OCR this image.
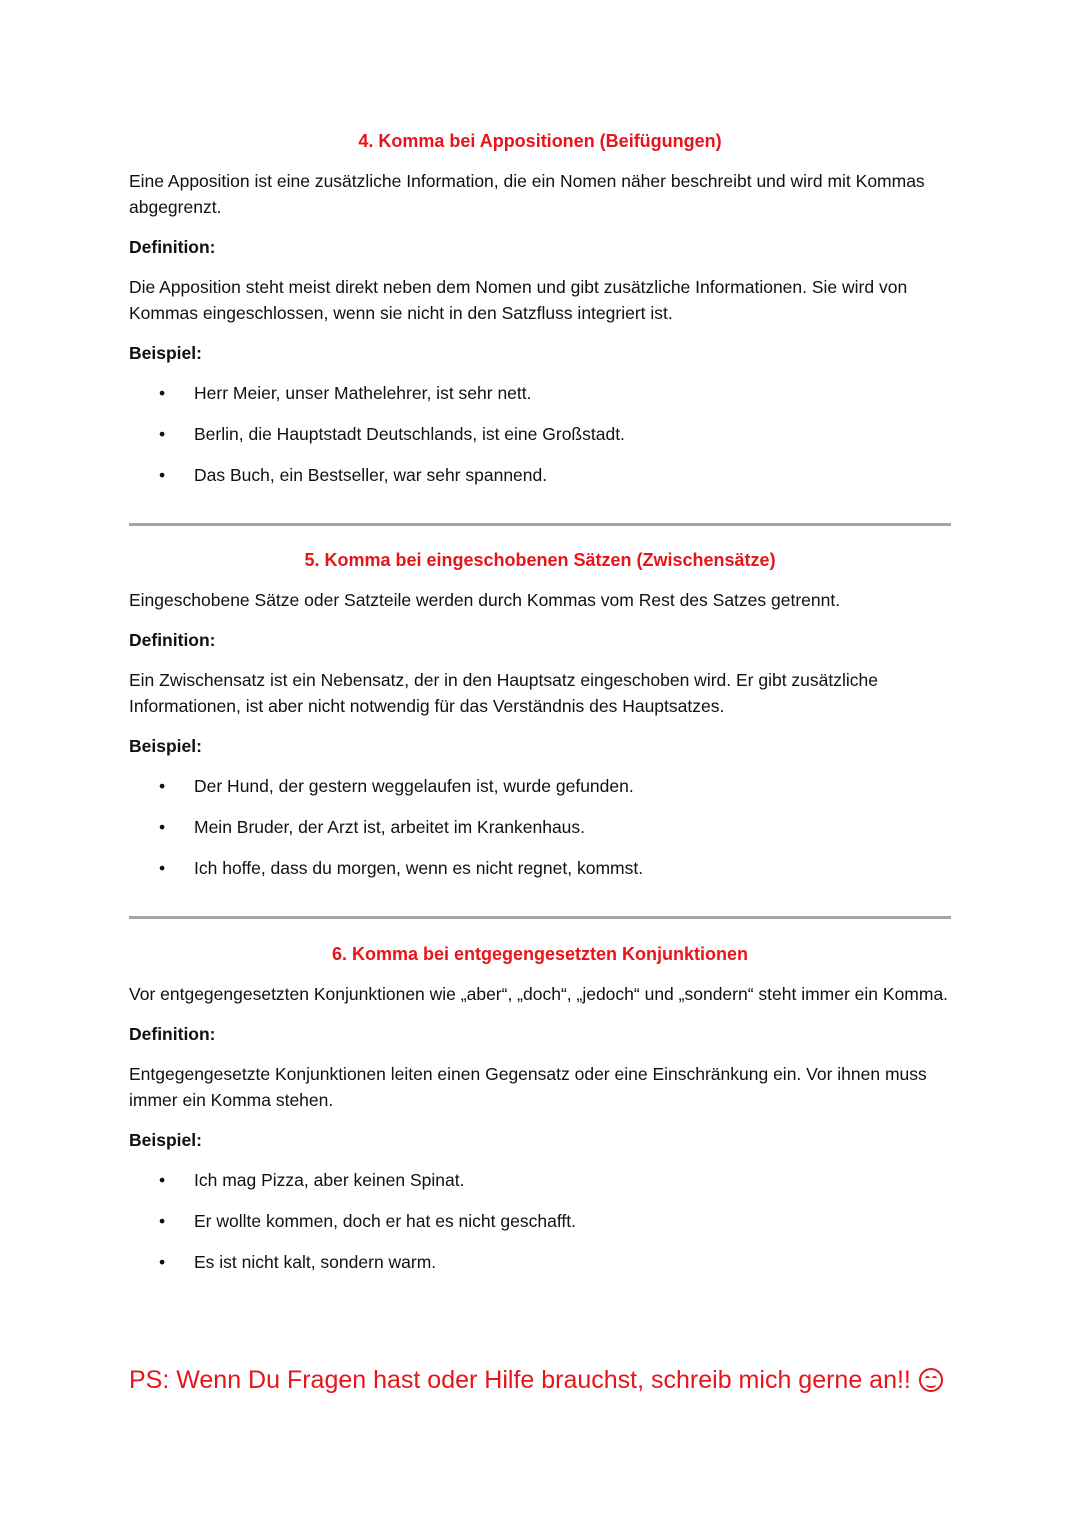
4. Komma bei Appositionen (Beifügungen)

Eine Apposition ist eine zusätzliche Information, die ein Nomen näher beschreibt und wird mit Kommas abgegrenzt.

Definition:

Die Apposition steht meist direkt neben dem Nomen und gibt zusätzliche Informationen. Sie wird von Kommas eingeschlossen, wenn sie nicht in den Satzfluss integriert ist.

Beispiel:

• Herr Meier, unser Mathelehrer, ist sehr nett.
• Berlin, die Hauptstadt Deutschlands, ist eine Großstadt.
• Das Buch, ein Bestseller, war sehr spannend.
5. Komma bei eingeschobenen Sätzen (Zwischensätze)

Eingeschobene Sätze oder Satzteile werden durch Kommas vom Rest des Satzes getrennt.

Definition:

Ein Zwischensatz ist ein Nebensatz, der in den Hauptsatz eingeschoben wird. Er gibt zusätzliche Informationen, ist aber nicht notwendig für das Verständnis des Hauptsatzes.

Beispiel:

• Der Hund, der gestern weggelaufen ist, wurde gefunden.
• Mein Bruder, der Arzt ist, arbeitet im Krankenhaus.
• Ich hoffe, dass du morgen, wenn es nicht regnet, kommst.
6. Komma bei entgegengesetzten Konjunktionen

Vor entgegengesetzten Konjunktionen wie „aber“, „doch“, „jedoch“ und „sondern“ steht immer ein Komma.

Definition:

Entgegengesetzte Konjunktionen leiten einen Gegensatz oder eine Einschränkung ein. Vor ihnen muss immer ein Komma stehen.

Beispiel:

• Ich mag Pizza, aber keinen Spinat.
• Er wollte kommen, doch er hat es nicht geschafft.
• Es ist nicht kalt, sondern warm.
PS: Wenn Du Fragen hast oder Hilfe brauchst, schreib mich gerne an!!
